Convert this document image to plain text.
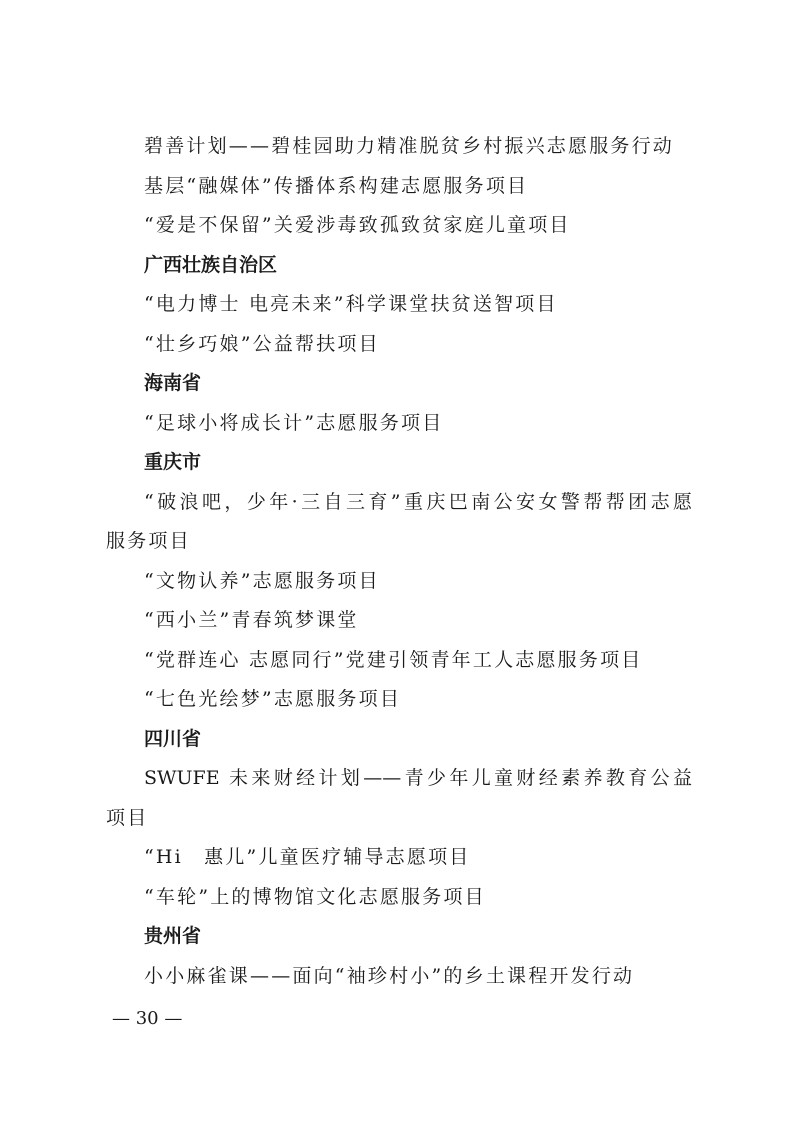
碧善计划——碧桂园助力精准脱贫乡村振兴志愿服务行动
基层“融媒体”传播体系构建志愿服务项目
“爱是不保留”关爱涉毒致孤致贫家庭儿童项目
广西壮族自治区
“电力博士 电亮未来”科学课堂扶贫送智项目
“壮乡巧娘”公益帮扶项目
海南省
“足球小将成长计”志愿服务项目
重庆市
“破浪吧，少年·三自三育”重庆巴南公安女警帮帮团志愿
服务项目
“文物认养”志愿服务项目
“西小兰”青春筑梦课堂
“党群连心 志愿同行”党建引领青年工人志愿服务项目
“七色光绘梦”志愿服务项目
四川省
SWUFE 未来财经计划——青少年儿童财经素养教育公益
项目
“Hi　惠儿”儿童医疗辅导志愿项目
“车轮”上的博物馆文化志愿服务项目
贵州省
小小麻雀课——面向“袖珍村小”的乡土课程开发行动
— 30 —
